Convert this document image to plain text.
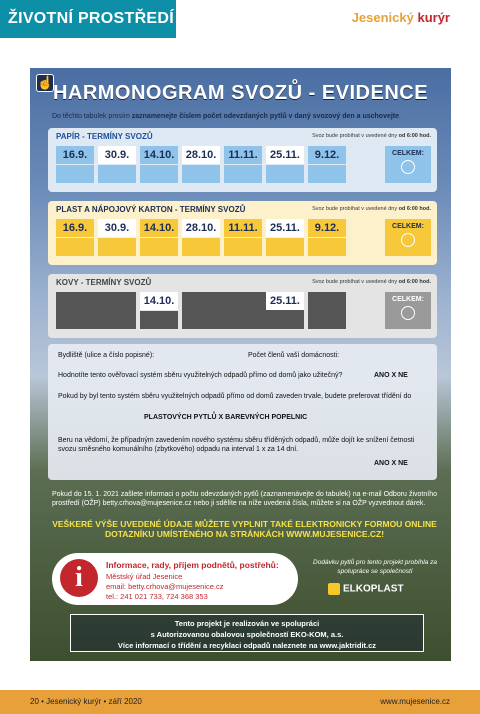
ŽIVOTNÍ PROSTŘEDÍ	Jesenický kurýr
☝ HARMONOGRAM SVOZŮ - EVIDENCE
Do těchto tabulek prosím zaznamenejte číslem počet odevzdaných pytlů v daný svozový den a uschovejte.
PAPÍR - TERMÍNY SVOZŮ	Svoz bude probíhat v uvedené dny od 6:00 hod.
16.9.	30.9.	14.10.	28.10.	11.11.	25.11.	9.12.	CELKEM:
PLAST A NÁPOJOVÝ KARTON - TERMÍNY SVOZŮ	Svoz bude probíhat v uvedené dny od 6:00 hod.
16.9.	30.9.	14.10.	28.10.	11.11.	25.11.	9.12.	CELKEM:
KOVY - TERMÍNY SVOZŮ	Svoz bude probíhat v uvedené dny od 6:00 hod.
14.10.	25.11.	CELKEM:

Bydliště (ulice a číslo popisné):	Počet členů vaší domácnosti:

Hodnotíte tento ověřovací systém sběru využitelných odpadů přímo od domů jako užitečný?	ANO X NE

Pokud by byl tento systém sběru využitelných odpadů přímo od domů zaveden trvale, budete preferovat třídění do

PLASTOVÝCH PYTLŮ X BAREVNÝCH POPELNIC

Beru na vědomí, že případným zavedením nového systému sběru tříděných odpadů, může dojít ke snížení četnosti svozu směsného komunálního (zbytkového) odpadu na interval 1 x za 14 dní.

ANO X NE

Pokud do 15. 1. 2021 zašlete informaci o počtu odevzdaných pytlů (zaznamenávejte do tabulek) na e-mail Odboru životního prostředí (OŽP) betty.crhova@mujesenice.cz nebo ji sdělíte na níže uvedená čísla, můžete si na OŽP vyzvednout dárek.
VEŠKERÉ VÝŠE UVEDENÉ ÚDAJE MŮŽETE VYPLNIT TAKÉ ELEKTRONICKY FORMOU ONLINE DOTAZNÍKU UMÍSTĚNÉHO NA STRÁNKÁCH WWW.MUJESENICE.CZ!
i	Informace, rady, příjem podnětů, postřehů:
Městský úřad Jesenice
email: betty.crhova@mujesenice.cz
tel.: 241 021 733, 724 368 353
Dodávku pytlů pro tento projekt probíhla za spolupráce se společností
ELKOPLAST
Tento projekt je realizován ve spolupráci
s Autorizovanou obalovou společností EKO-KOM, a.s.
Více informací o třídění a recyklaci odpadů naleznete na www.jaktridit.cz
20 • Jesenický kurýr • září 2020	www.mujesenice.cz
